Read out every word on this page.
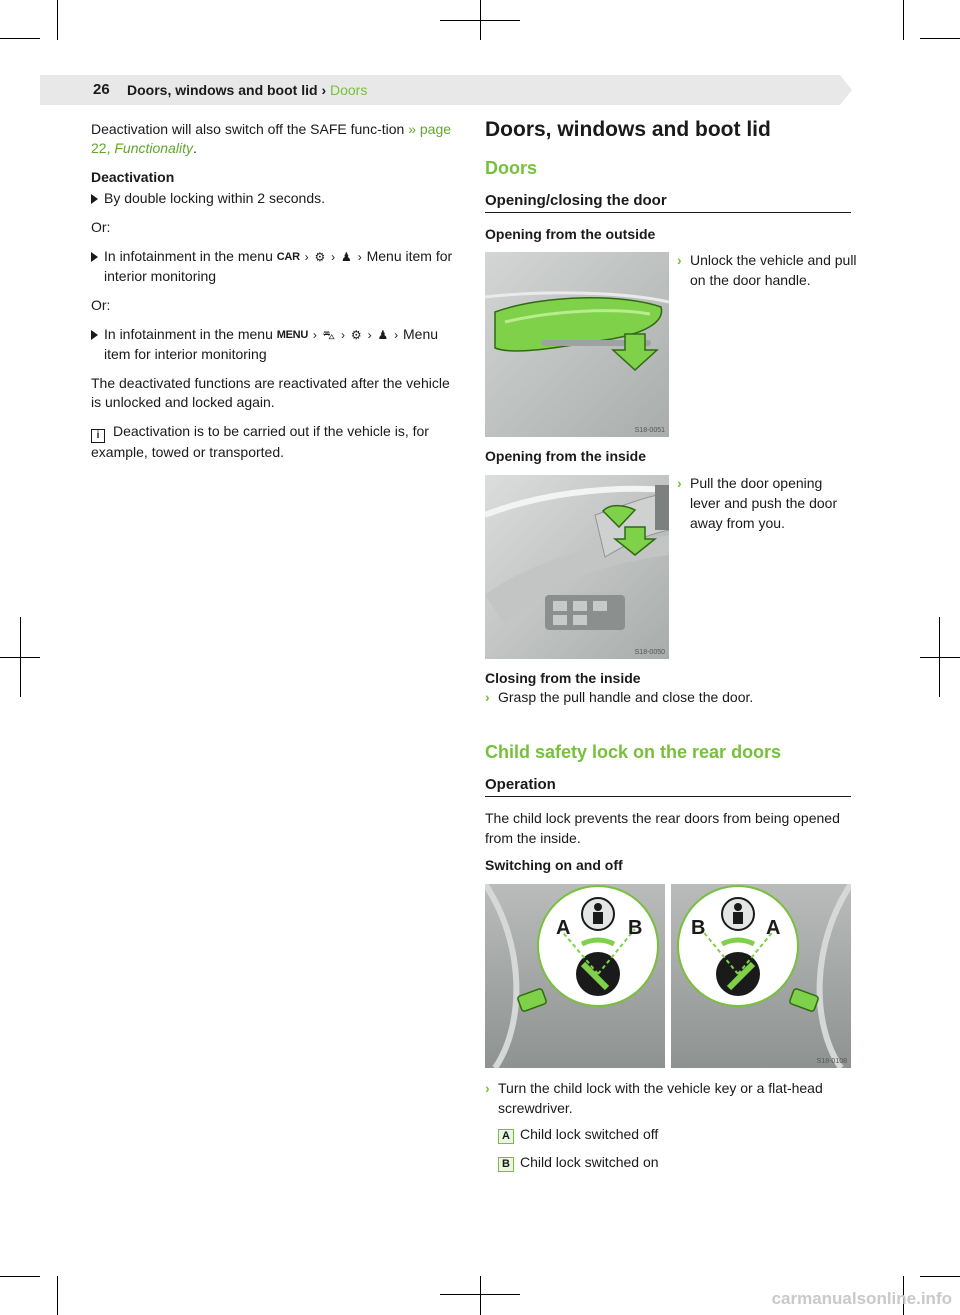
26 Doors, windows and boot lid › Doors

Deactivation will also switch off the SAFE func-tion » page 22, Functionality.

Deactivation

By double locking within 2 seconds.

Or:

In infotainment in the menu CAR › ⚙ › ♟ › Menu item for interior monitoring

Or:

In infotainment in the menu MENU › ⛍ › ⚙ › ♟ › Menu item for interior monitoring

The deactivated functions are reactivated after the vehicle is unlocked and locked again.

i Deactivation is to be carried out if the vehicle is, for example, towed or transported.

Doors, windows and boot lid
Doors
Opening/closing the door
Opening from the outside
S18-0051
› Unlock the vehicle and pull on the door handle.
Opening from the inside
S18-0050
› Pull the door opening lever and push the door away from you.
Closing from the inside
› Grasp the pull handle and close the door.
Child safety lock on the rear doors
Operation
The child lock prevents the rear doors from being opened from the inside.
Switching on and off
A	B B	A
S18-0108
› Turn the child lock with the vehicle key or a flat-head screwdriver.
A Child lock switched off
B Child lock switched on
carmanualsonline.info
